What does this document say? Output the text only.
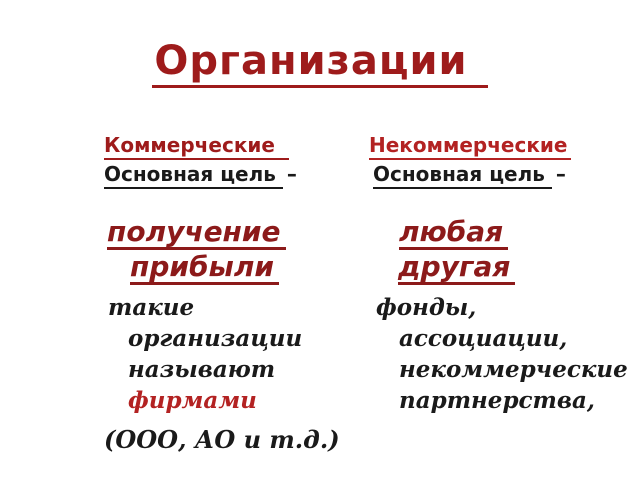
Организации
Коммерческие
Основная цель –
получение
прибыли
такие
организации
называют
фирмами
(ООО, АО и т.д.)
Некоммерческие
Основная цель –
любая
другая
фонды,
ассоциации,
некоммерческие
партнерства,
